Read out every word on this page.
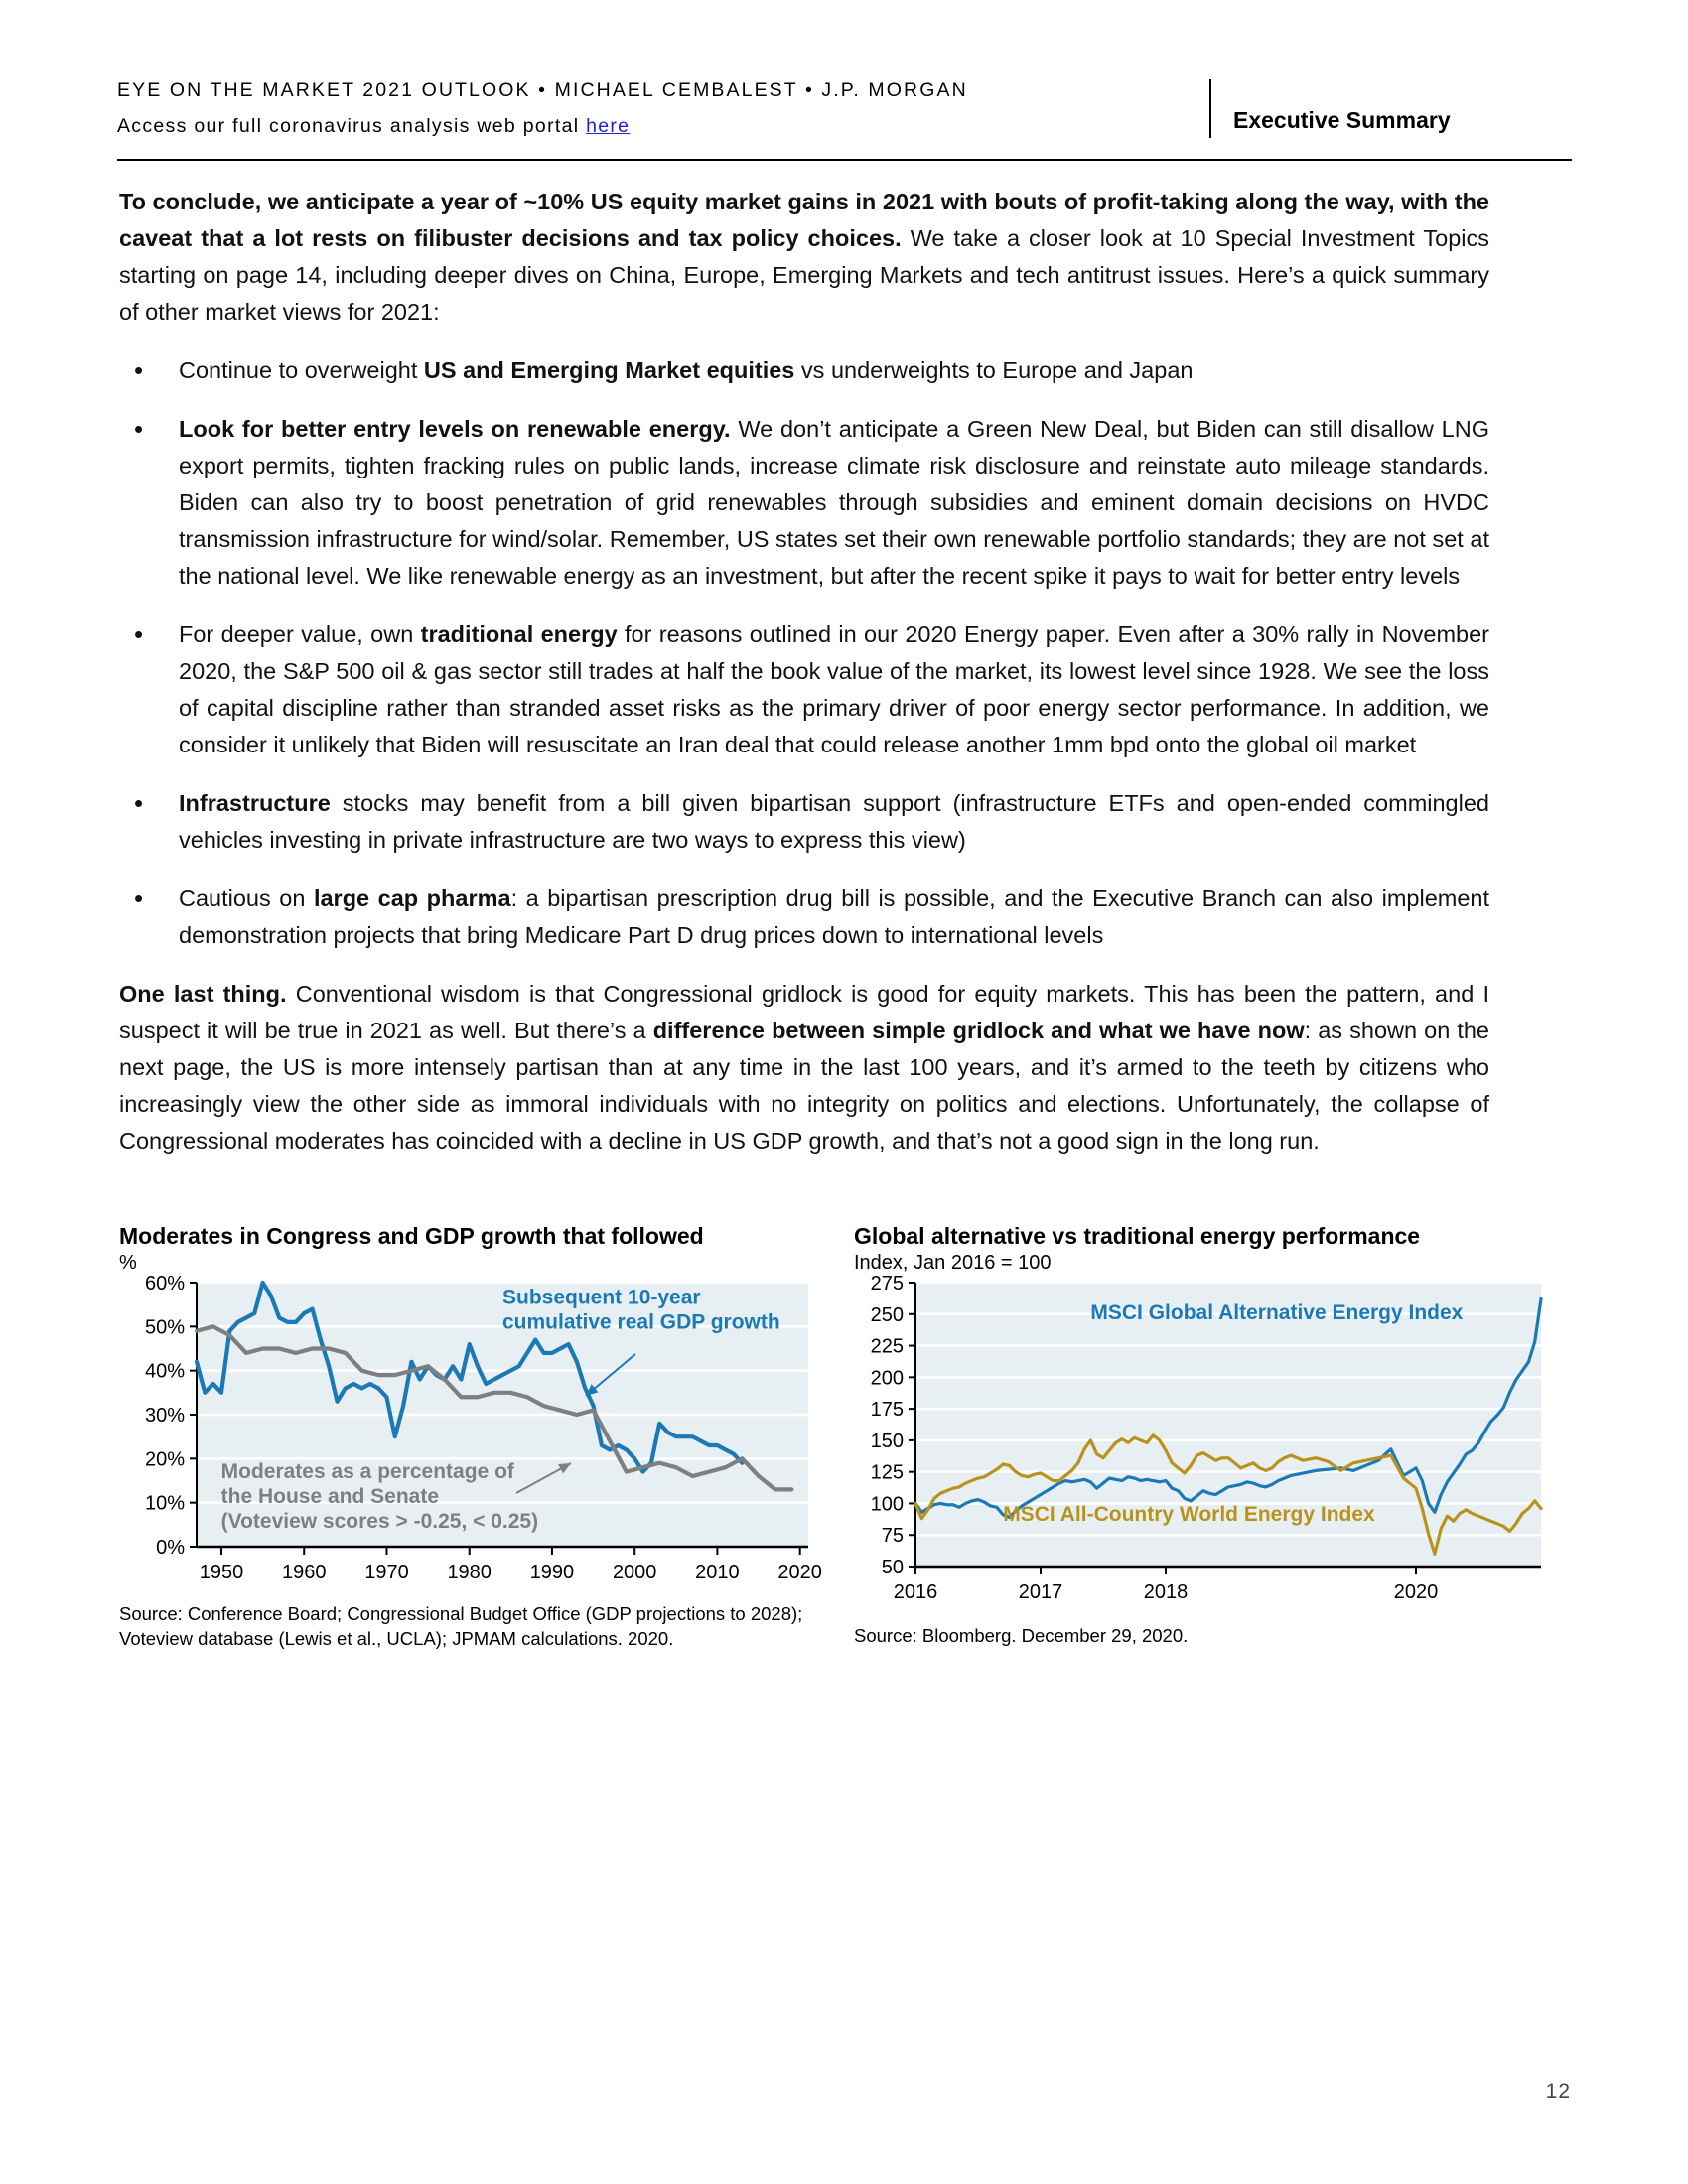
EYE ON THE MARKET 2021 OUTLOOK • MICHAEL CEMBALEST • J.P. MORGAN
Access our full coronavirus analysis web portal here	Executive Summary

To conclude, we anticipate a year of ~10% US equity market gains in 2021 with bouts of profit-taking along the way, with the caveat that a lot rests on filibuster decisions and tax policy choices. We take a closer look at 10 Special Investment Topics starting on page 14, including deeper dives on China, Europe, Emerging Markets and tech antitrust issues. Here’s a quick summary of other market views for 2021:

• Continue to overweight US and Emerging Market equities vs underweights to Europe and Japan
• Look for better entry levels on renewable energy. We don’t anticipate a Green New Deal, but Biden can still disallow LNG export permits, tighten fracking rules on public lands, increase climate risk disclosure and reinstate auto mileage standards. Biden can also try to boost penetration of grid renewables through subsidies and eminent domain decisions on HVDC transmission infrastructure for wind/solar. Remember, US states set their own renewable portfolio standards; they are not set at the national level. We like renewable energy as an investment, but after the recent spike it pays to wait for better entry levels
• For deeper value, own traditional energy for reasons outlined in our 2020 Energy paper. Even after a 30% rally in November 2020, the S&P 500 oil & gas sector still trades at half the book value of the market, its lowest level since 1928. We see the loss of capital discipline rather than stranded asset risks as the primary driver of poor energy sector performance. In addition, we consider it unlikely that Biden will resuscitate an Iran deal that could release another 1mm bpd onto the global oil market
• Infrastructure stocks may benefit from a bill given bipartisan support (infrastructure ETFs and open-ended commingled vehicles investing in private infrastructure are two ways to express this view)
• Cautious on large cap pharma: a bipartisan prescription drug bill is possible, and the Executive Branch can also implement demonstration projects that bring Medicare Part D drug prices down to international levels

One last thing. Conventional wisdom is that Congressional gridlock is good for equity markets. This has been the pattern, and I suspect it will be true in 2021 as well. But there’s a difference between simple gridlock and what we have now: as shown on the next page, the US is more intensely partisan than at any time in the last 100 years, and it’s armed to the teeth by citizens who increasingly view the other side as immoral individuals with no integrity on politics and elections. Unfortunately, the collapse of Congressional moderates has coincided with a decline in US GDP growth, and that’s not a good sign in the long run.

Moderates in Congress and GDP growth that followed
%
0%
10%
20%
30%
40%
50%
60%
1950 1960 1970 1980 1990 2000 2010 2020
Subsequent 10-year
cumulative real GDP growth
Moderates as a percentage of
the House and Senate
(Voteview scores > -0.25, < 0.25)
Source: Conference Board; Congressional Budget Office (GDP projections to 2028); Voteview database (Lewis et al., UCLA); JPMAM calculations. 2020.
Global alternative vs traditional energy performance
Index, Jan 2016 = 100
50
75
100
125
150
175
200
225
250
275
2016	2017	2018	2020
MSCI Global Alternative Energy Index
MSCI All-Country World Energy Index
Source: Bloomberg. December 29, 2020.
12
